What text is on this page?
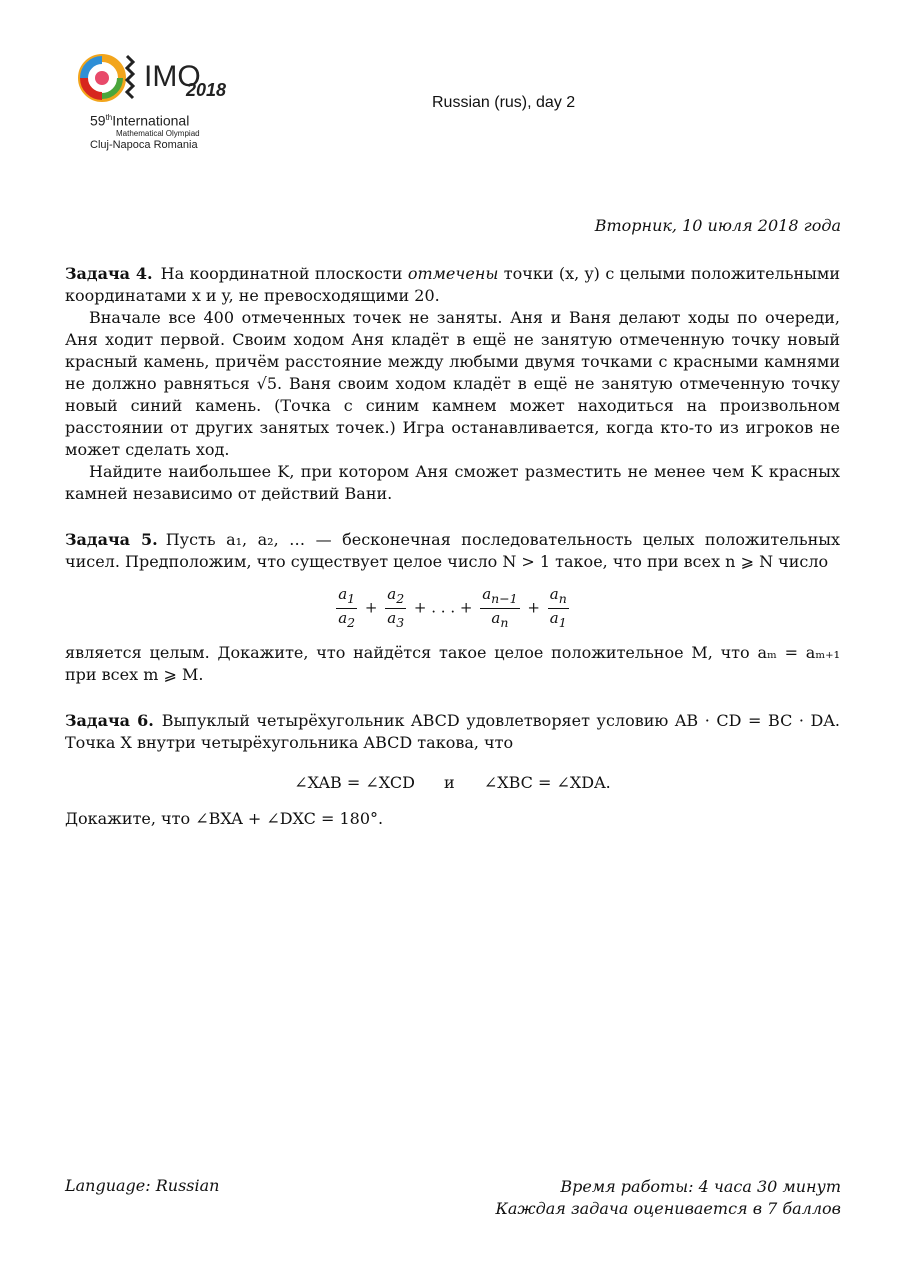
IMO
2018
59thInternational
Mathematical Olympiad
Cluj-Napoca Romania
Russian (rus), day 2
Вторник, 10 июля 2018 года

Задача 4. На координатной плоскости отмечены точки (x, y) с целыми положительными координатами x и y, не превосходящими 20.

Вначале все 400 отмеченных точек не заняты. Аня и Ваня делают ходы по очереди, Аня ходит первой. Своим ходом Аня кладёт в ещё не занятую отмеченную точку новый красный камень, причём расстояние между любыми двумя точками с красными камнями не должно равняться √5. Ваня своим ходом кладёт в ещё не занятую отмеченную точку новый синий камень. (Точка с синим камнем может находиться на произвольном расстоянии от других занятых точек.) Игра останавливается, когда кто-то из игроков не может сделать ход.

Найдите наибольшее K, при котором Аня сможет разместить не менее чем K красных камней независимо от действий Вани.

Задача 5. Пусть a₁, a₂, … — бесконечная последовательность целых положительных чисел. Предположим, что существует целое число N > 1 такое, что при всех n ⩾ N число

$\frac{a_1}{a_2} + \frac{a_2}{a_3}$ + . . . + $\frac{a_{n-1}}{a_n} + \frac{a_n}{a_1}$

является целым. Докажите, что найдётся такое целое положительное M, что aₘ = aₘ₊₁ при всех m ⩾ M.

Задача 6. Выпуклый четырёхугольник ABCD удовлетворяет условию AB · CD = BC · DA. Точка X внутри четырёхугольника ABCD такова, что

∠XAB = ∠XCD и ∠XBC = ∠XDA.

Докажите, что ∠BXA + ∠DXC = 180°.

Language: Russian	Время работы: 4 часа 30 минут
Каждая задача оценивается в 7 баллов
